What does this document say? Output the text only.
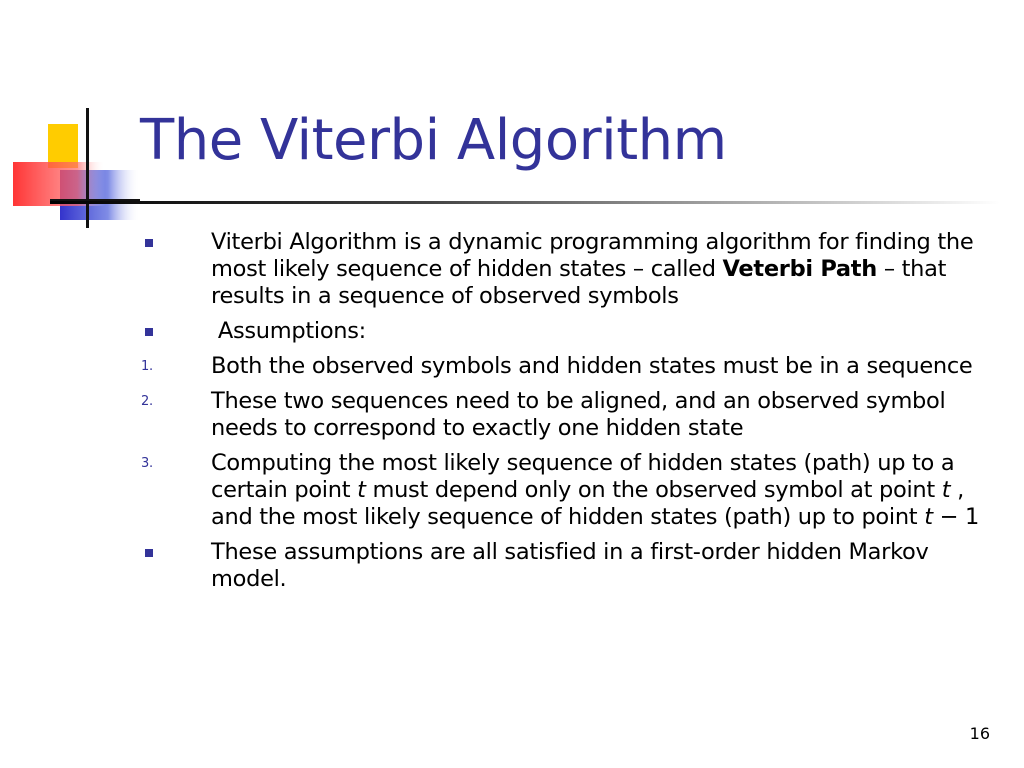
The Viterbi Algorithm
Viterbi Algorithm is a dynamic programming algorithm for finding the most likely sequence of hidden states – called Veterbi Path – that results in a sequence of observed symbols
Assumptions:
1.	Both the observed symbols and hidden states must be in a sequence
2.	These two sequences need to be aligned, and an observed symbol needs to correspond to exactly one hidden state
3.	Computing the most likely sequence of hidden states (path) up to a certain point t must depend only on the observed symbol at point t , and the most likely sequence of hidden states (path) up to point t − 1
These assumptions are all satisfied in a first-order hidden Markov model.
16
